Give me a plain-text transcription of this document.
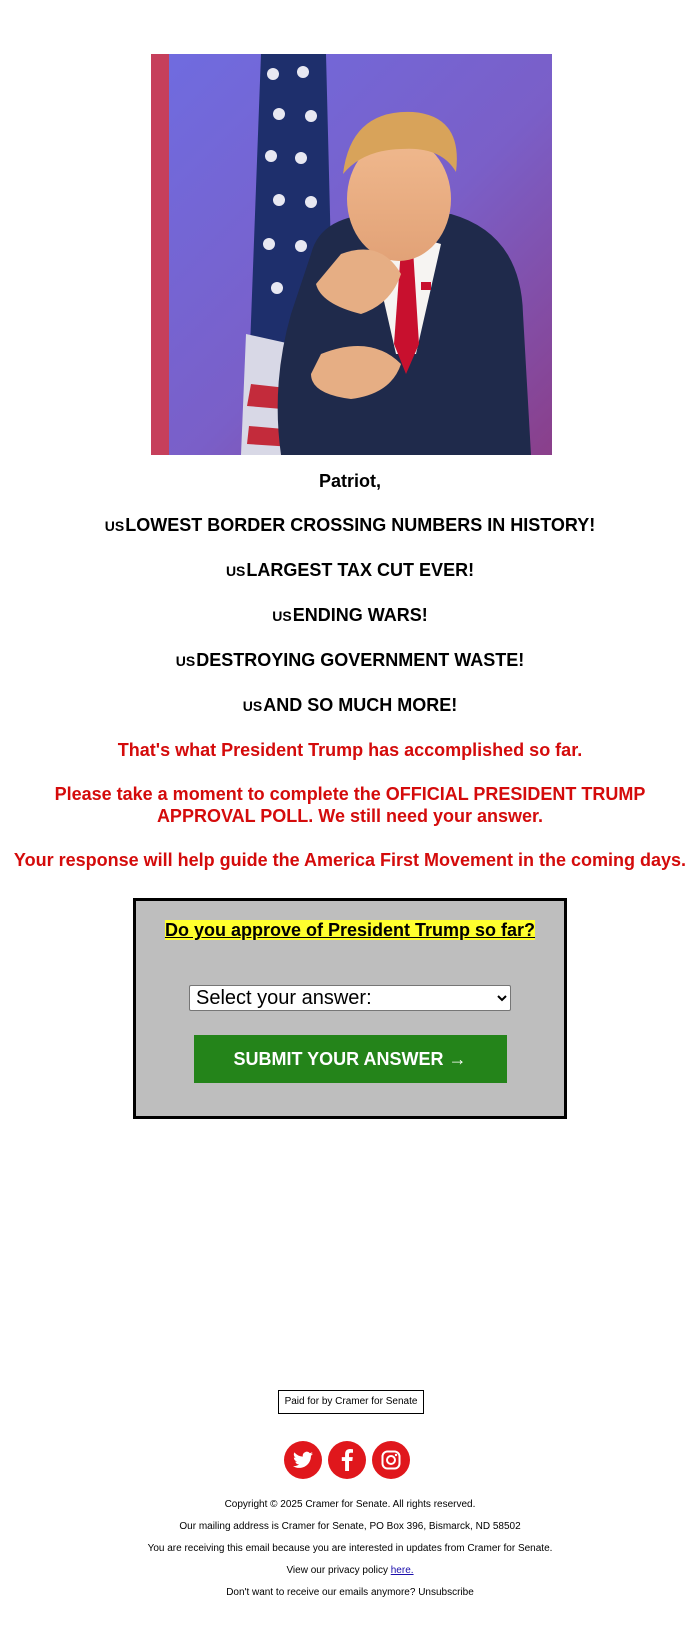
Patriot,

USLOWEST BORDER CROSSING NUMBERS IN HISTORY!

USLARGEST TAX CUT EVER!

USENDING WARS!

USDESTROYING GOVERNMENT WASTE!

USAND SO MUCH MORE!

That's what President Trump has accomplished so far.

Please take a moment to complete the OFFICIAL PRESIDENT TRUMP APPROVAL POLL. We still need your answer.

Your response will help guide the America First Movement in the coming days.

Do you approve of President Trump so far?
Select your answer:
SUBMIT YOUR ANSWER →
Paid for by Cramer for Senate
Copyright © 2025 Cramer for Senate. All rights reserved.
Our mailing address is Cramer for Senate, PO Box 396, Bismarck, ND 58502
You are receiving this email because you are interested in updates from Cramer for Senate.
View our privacy policy here.
Don't want to receive our emails anymore? Unsubscribe
